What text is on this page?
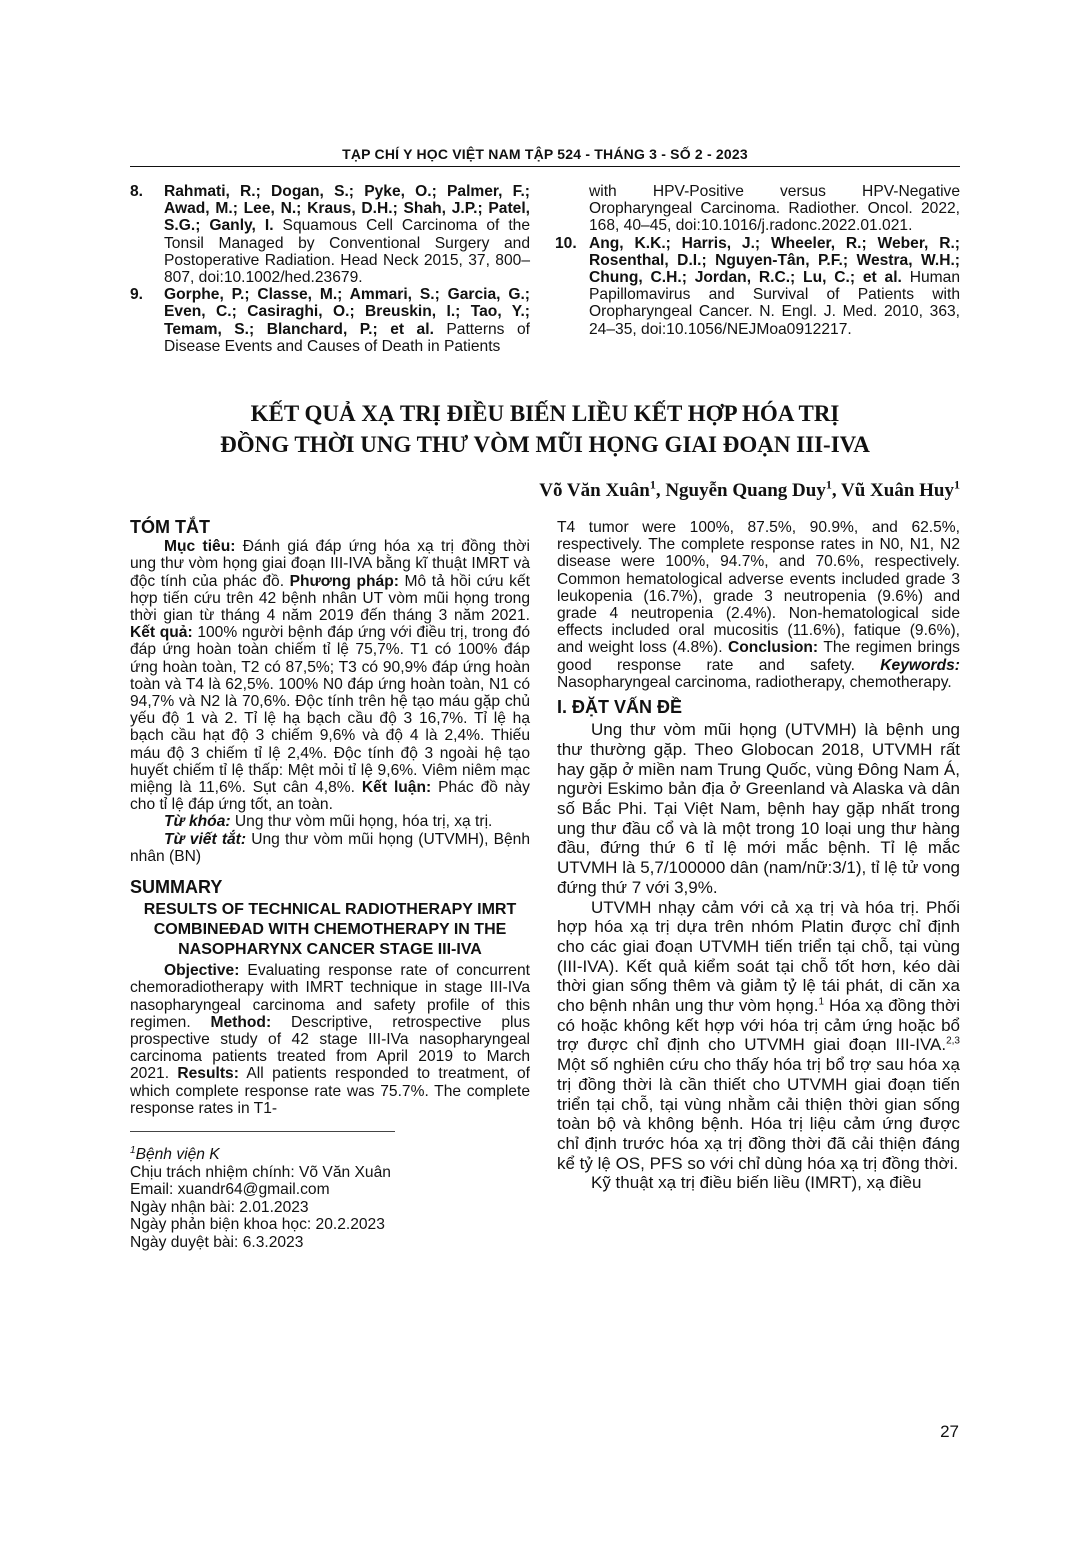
TẠP CHÍ Y HỌC VIỆT NAM TẬP 524 - THÁNG 3 - SỐ 2 - 2023
8.	Rahmati, R.; Dogan, S.; Pyke, O.; Palmer, F.; Awad, M.; Lee, N.; Kraus, D.H.; Shah, J.P.; Patel, S.G.; Ganly, I. Squamous Cell Carcinoma of the Tonsil Managed by Conventional Surgery and Postoperative Radiation. Head Neck 2015, 37, 800–807, doi:10.1002/hed.23679.
9.	Gorphe, P.; Classe, M.; Ammari, S.; Garcia, G.; Even, C.; Casiraghi, O.; Breuskin, I.; Tao, Y.; Temam, S.; Blanchard, P.; et al. Patterns of Disease Events and Causes of Death in Patients
with HPV-Positive versus HPV-Negative Oropharyngeal Carcinoma. Radiother. Oncol. 2022, 168, 40–45, doi:10.1016/j.radonc.2022.01.021.
10. Ang, K.K.; Harris, J.; Wheeler, R.; Weber, R.; Rosenthal, D.I.; Nguyen-Tân, P.F.; Westra, W.H.; Chung, C.H.; Jordan, R.C.; Lu, C.; et al. Human Papillomavirus and Survival of Patients with Oropharyngeal Cancer. N. Engl. J. Med. 2010, 363, 24–35, doi:10.1056/NEJMoa0912217.
KẾT QUẢ XẠ TRỊ ĐIỀU BIẾN LIỀU KẾT HỢP HÓA TRỊ
ĐỒNG THỜI UNG THƯ VÒM MŨI HỌNG GIAI ĐOẠN III-IVA
Võ Văn Xuân$^1$, Nguyễn Quang Duy$^1$, Vũ Xuân Huy$^1$
TÓM TẮT

Mục tiêu: Đánh giá đáp ứng hóa xạ trị đồng thời ung thư vòm họng giai đoạn III-IVA bằng kĩ thuật IMRT và độc tính của phác đồ. Phương pháp: Mô tả hồi cứu kết hợp tiến cứu trên 42 bệnh nhân UT vòm mũi họng trong thời gian từ tháng 4 năm 2019 đến tháng 3 năm 2021. Kết quả: 100% người bệnh đáp ứng với điều trị, trong đó đáp ứng hoàn toàn chiếm tỉ lệ 75,7%. T1 có 100% đáp ứng hoàn toàn, T2 có 87,5%; T3 có 90,9% đáp ứng hoàn toàn và T4 là 62,5%. 100% N0 đáp ứng hoàn toàn, N1 có 94,7% và N2 là 70,6%. Độc tính trên hệ tạo máu gặp chủ yếu độ 1 và 2. Tỉ lệ hạ bạch cầu độ 3 16,7%. Tỉ lệ hạ bạch cầu hạt độ 3 chiếm 9,6% và độ 4 là 2,4%. Thiếu máu độ 3 chiếm tỉ lệ 2,4%. Độc tính độ 3 ngoài hệ tạo huyết chiếm tỉ lệ thấp: Mệt mỏi tỉ lệ 9,6%. Viêm niêm mạc miệng là 11,6%. Sụt cân 4,8%. Kết luận: Phác đồ này cho tỉ lệ đáp ứng tốt, an toàn.

Từ khóa: Ung thư vòm mũi họng, hóa trị, xạ trị.

Từ viết tắt: Ung thư vòm mũi họng (UTVMH), Bệnh nhân (BN)

SUMMARY
RESULTS OF TECHNICAL RADIOTHERAPY IMRT COMBINEĐAD WITH CHEMOTHERAPY IN THE NASOPHARYNX CANCER STAGE III-IVA

Objective: Evaluating response rate of concurrent chemoradiotherapy with IMRT technique in stage III-IVa nasopharyngeal carcinoma and safety profile of this regimen. Method: Descriptive, retrospective plus prospective study of 42 stage III-IVa nasopharyngeal carcinoma patients treated from April 2019 to March 2021. Results: All patients responded to treatment, of which complete response rate was 75.7%. The complete response rates in T1-

$^1$Bệnh viện K
Chịu trách nhiệm chính: Võ Văn Xuân
Email: xuandr64@gmail.com
Ngày nhận bài: 2.01.2023
Ngày phản biện khoa học: 20.2.2023
Ngày duyệt bài: 6.3.2023

T4 tumor were 100%, 87.5%, 90.9%, and 62.5%, respectively. The complete response rates in N0, N1, N2 disease were 100%, 94.7%, and 70.6%, respectively. Common hematological adverse events included grade 3 leukopenia (16.7%), grade 3 neutropenia (9.6%) and grade 4 neutropenia (2.4%). Non-hematological side effects included oral mucositis (11.6%), fatique (9.6%), and weight loss (4.8%). Conclusion: The regimen brings good response rate and safety. Keywords: Nasopharyngeal carcinoma, radiotherapy, chemotherapy.

I. ĐẶT VẤN ĐỀ

Ung thư vòm mũi họng (UTVMH) là bệnh ung thư thường gặp. Theo Globocan 2018, UTVMH rất hay gặp ở miền nam Trung Quốc, vùng Đông Nam Á, người Eskimo bản địa ở Greenland và Alaska và dân số Bắc Phi. Tại Việt Nam, bệnh hay gặp nhất trong ung thư đầu cổ và là một trong 10 loại ung thư hàng đầu, đứng thứ 6 tỉ lệ mới mắc bệnh. Tỉ lệ mắc UTVMH là 5,7/100000 dân (nam/nữ:3/1), tỉ lệ tử vong đứng thứ 7 với 3,9%.

UTVMH nhạy cảm với cả xạ trị và hóa trị. Phối hợp hóa xạ trị dựa trên nhóm Platin được chỉ định cho các giai đoạn UTVMH tiến triển tại chỗ, tại vùng (III-IVA). Kết quả kiểm soát tại chỗ tốt hơn, kéo dài thời gian sống thêm và giảm tỷ lệ tái phát, di căn xa cho bệnh nhân ung thư vòm họng.$^1$ Hóa xạ đồng thời có hoặc không kết hợp với hóa trị cảm ứng hoặc bổ trợ được chỉ định cho UTVMH giai đoạn III-IVA.$^{2,3}$ Một số nghiên cứu cho thấy hóa trị bổ trợ sau hóa xạ trị đồng thời là cần thiết cho UTVMH giai đoạn tiến triển tại chỗ, tại vùng nhằm cải thiện thời gian sống toàn bộ và không bệnh. Hóa trị liệu cảm ứng được chỉ định trước hóa xạ trị đồng thời đã cải thiện đáng kể tỷ lệ OS, PFS so với chỉ dùng hóa xạ trị đồng thời.

Kỹ thuật xạ trị điều biến liều (IMRT), xạ điều

27
